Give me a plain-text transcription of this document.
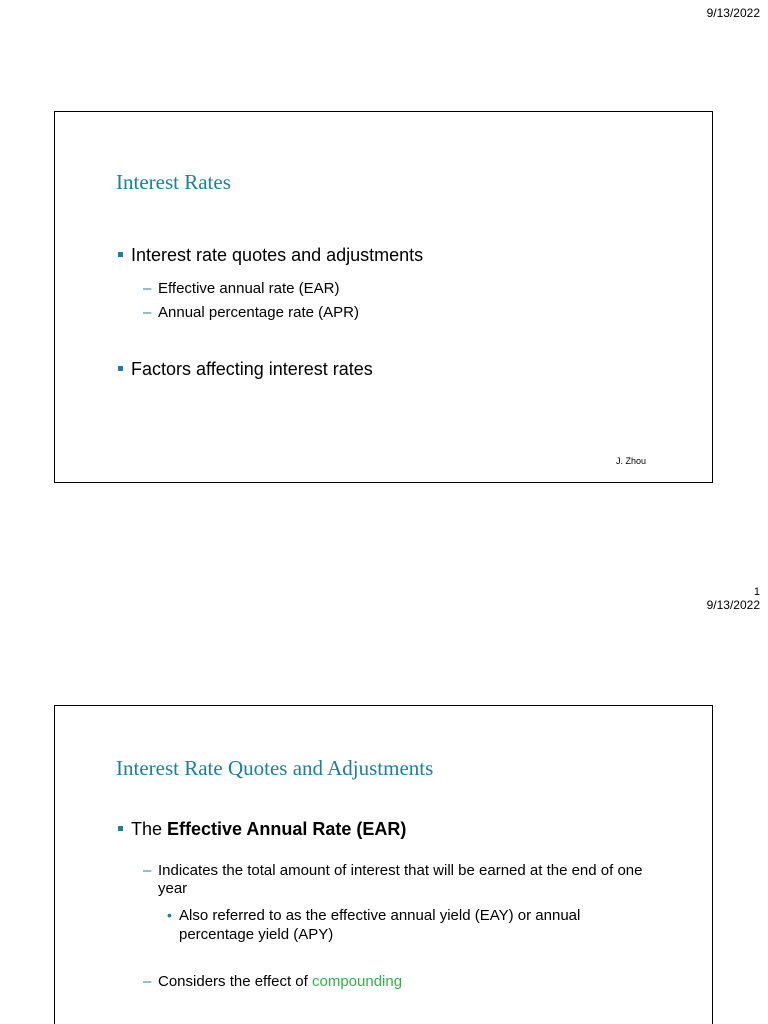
9/13/2022
Interest Rates
Interest rate quotes and adjustments
– Effective annual rate (EAR)
– Annual percentage rate (APR)
Factors affecting interest rates
J. Zhou
1
9/13/2022
Interest Rate Quotes and Adjustments
The Effective Annual Rate (EAR)
– Indicates the total amount of interest that will be earned at the end of one year
• Also referred to as the effective annual yield (EAY) or annual percentage yield (APY)
– Considers the effect of compounding
